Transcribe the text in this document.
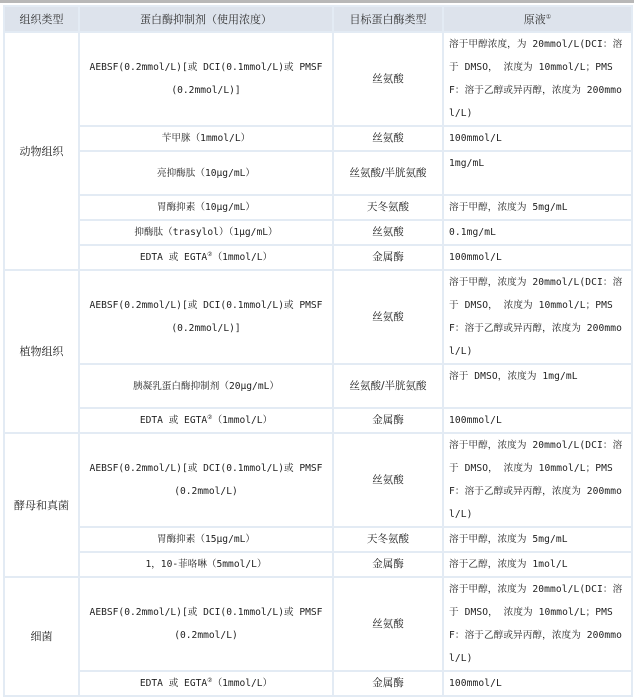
组织类型	蛋白酶抑制剂（使用浓度）	目标蛋白酶类型	原液①
动物组织	AEBSF(0.2mmol/L)[或 DCI(0.1mmol/L)或 PMSF(0.2mmol/L)]	丝氨酸	溶于甲醇浓度，为 20mmol/L(DCI：溶于 DMSO， 浓度为 10mmol/L；PMSF：溶于乙醇或异丙醇，浓度为 200mmol/L)
	苄甲脒（1mmol/L）	丝氨酸	100mmol/L
	亮抑酶肽（10μg/mL）	丝氨酸/半胱氨酸	1mg/mL
	胃酶抑素（10μg/mL）	天冬氨酸	溶于甲醇，浓度为 5mg/mL
	抑酶肽（trasylol）（1μg/mL）	丝氨酸	0.1mg/mL
	EDTA 或 EGTA②（1mmol/L）	金属酶	100mmol/L
植物组织	AEBSF(0.2mmol/L)[或 DCI(0.1mmol/L)或 PMSF(0.2mmol/L)]	丝氨酸	溶于甲醇，浓度为 20mmol/L(DCI：溶于 DMSO， 浓度为 10mmol/L；PMSF：溶于乙醇或异丙醇，浓度为 200mmol/L)
	胰凝乳蛋白酶抑制剂（20μg/mL）	丝氨酸/半胱氨酸	溶于 DMSO，浓度为 1mg/mL
	EDTA 或 EGTA②（1mmol/L）	金属酶	100mmol/L
酵母和真菌	AEBSF(0.2mmol/L)[或 DCI(0.1mmol/L)或 PMSF(0.2mmol/L)	丝氨酸	溶于甲醇，浓度为 20mmol/L(DCI：溶于 DMSO， 浓度为 10mmol/L；PMSF：溶于乙醇或异丙醇，浓度为 200mmol/L)
	胃酶抑素（15μg/mL）	天冬氨酸	溶于甲醇，浓度为 5mg/mL
	1，10-菲咯啉（5mmol/L）	金属酶	溶于乙醇，浓度为 1mol/L
细菌	AEBSF(0.2mmol/L)[或 DCI(0.1mmol/L)或 PMSF(0.2mmol/L)	丝氨酸	溶于甲醇，浓度为 20mmol/L(DCI：溶于 DMSO， 浓度为 10mmol/L；PMSF：溶于乙醇或异丙醇，浓度为 200mmol/L)
	EDTA 或 EGTA②（1mmol/L）	金属酶	100mmol/L
